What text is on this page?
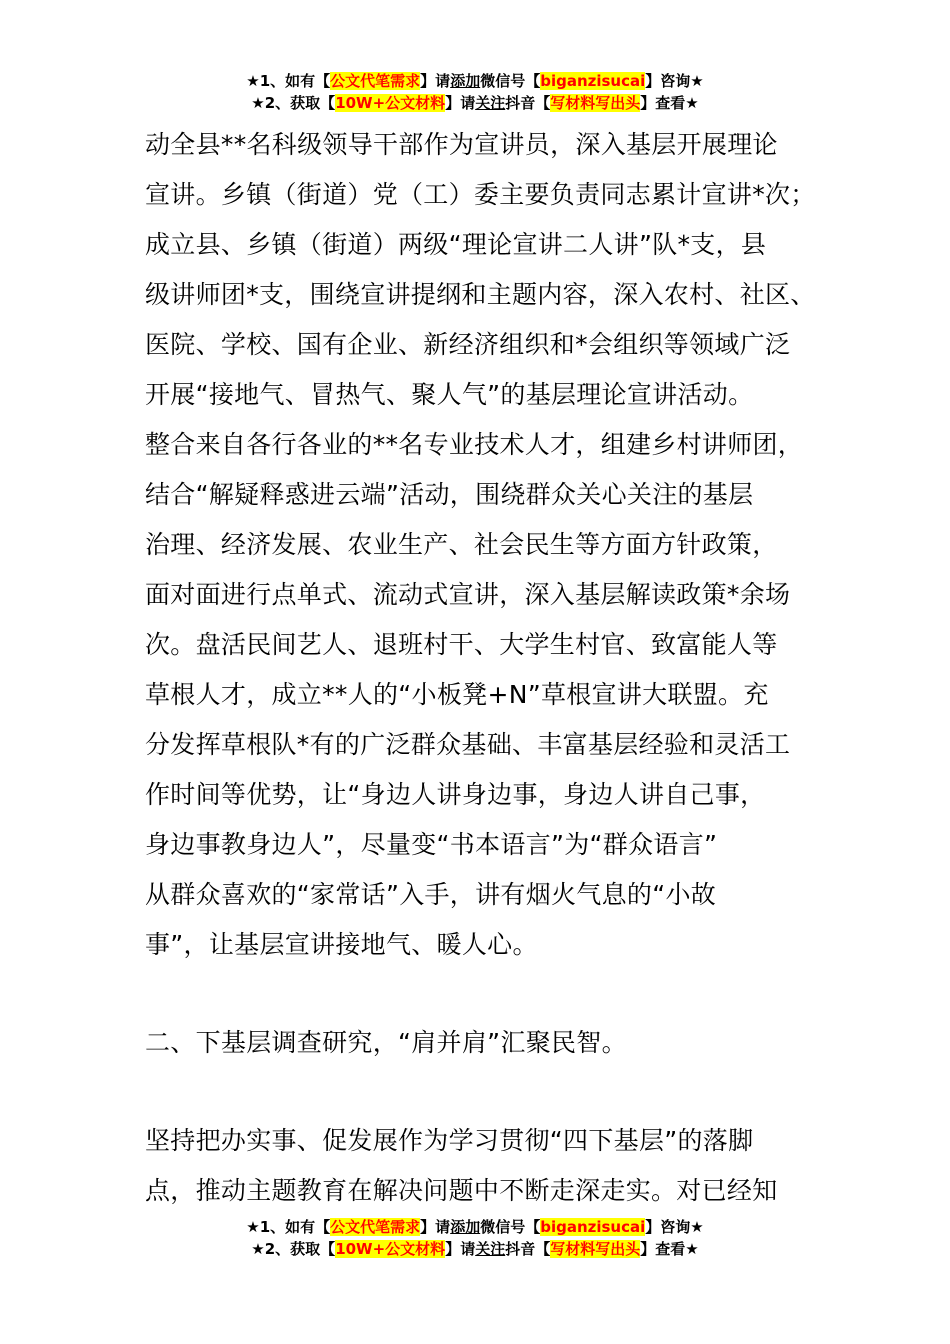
★1、如有【公文代笔需求】请添加微信号【biganzisucai】咨询★
★2、获取【10W+公文材料】请关注抖音【写材料写出头】查看★
动全县**名科级领导干部作为宣讲员，深入基层开展理论
宣讲。乡镇（街道）党（工）委主要负责同志累计宣讲*次；
成立县、乡镇（街道）两级“理论宣讲二人讲”队*支，县
级讲师团*支，围绕宣讲提纲和主题内容，深入农村、社区、
医院、学校、国有企业、新经济组织和*会组织等领域广泛
开展“接地气、冒热气、聚人气”的基层理论宣讲活动。
整合来自各行各业的**名专业技术人才，组建乡村讲师团，
结合“解疑释惑进云端”活动，围绕群众关心关注的基层
治理、经济发展、农业生产、社会民生等方面方针政策，
面对面进行点单式、流动式宣讲，深入基层解读政策*余场
次。盘活民间艺人、退班村干、大学生村官、致富能人等
草根人才，成立**人的“小板凳+N”草根宣讲大联盟。充
分发挥草根队*有的广泛群众基础、丰富基层经验和灵活工
作时间等优势，让“身边人讲身边事，身边人讲自己事，
身边事教身边人”，尽量变“书本语言”为“群众语言”
从群众喜欢的“家常话”入手，讲有烟火气息的“小故
事”，让基层宣讲接地气、暖人心。
二、下基层调查研究，“肩并肩”汇聚民智。
坚持把办实事、促发展作为学习贯彻“四下基层”的落脚
点，推动主题教育在解决问题中不断走深走实。对已经知
★1、如有【公文代笔需求】请添加微信号【biganzisucai】咨询★
★2、获取【10W+公文材料】请关注抖音【写材料写出头】查看★
